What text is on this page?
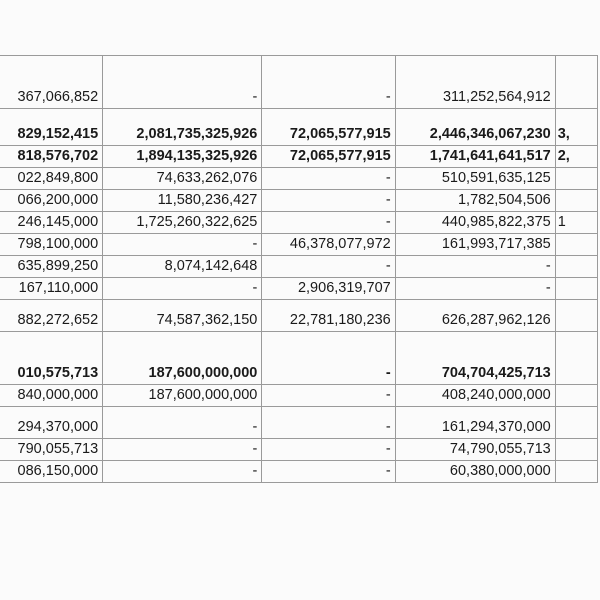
367,066,852	-	-	311,252,564,912	
829,152,415	2,081,735,325,926	72,065,577,915	2,446,346,067,230	3,
818,576,702	1,894,135,325,926	72,065,577,915	1,741,641,641,517	2,
022,849,800	74,633,262,076	-	510,591,635,125	
066,200,000	11,580,236,427	-	1,782,504,506	
246,145,000	1,725,260,322,625	-	440,985,822,375	1
798,100,000	-	46,378,077,972	161,993,717,385	
635,899,250	8,074,142,648	-	-	
167,110,000	-	2,906,319,707	-	
882,272,652	74,587,362,150	22,781,180,236	626,287,962,126	
010,575,713	187,600,000,000	-	704,704,425,713	
840,000,000	187,600,000,000	-	408,240,000,000	
294,370,000	-	-	161,294,370,000	
790,055,713	-	-	74,790,055,713	
086,150,000	-	-	60,380,000,000	
